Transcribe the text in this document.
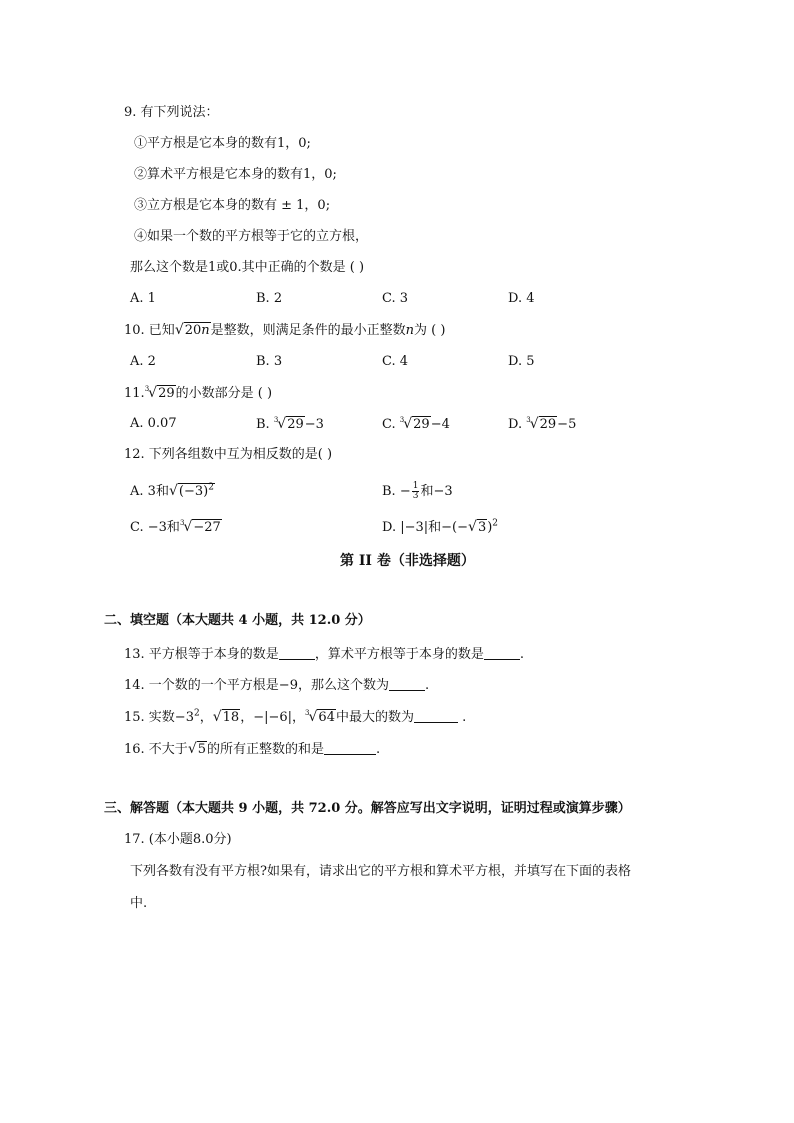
9. 有下列说法：
①平方根是它本身的数有1，0;
②算术平方根是它本身的数有1，0;
③立方根是它本身的数有 ± 1，0;
④如果一个数的平方根等于它的立方根，
那么这个数是1或0.其中正确的个数是 ( )
A. 1	B. 2	C. 3	D. 4
10. 已知√20n是整数，则满足条件的最小正整数n为 ( )
A. 2	B. 3	C. 4	D. 5
11.$^3$√29的小数部分是 ( )
A. 0.07	B. $^3$√29−3	C. $^3$√29−4	D. $^3$√29−5
12. 下列各组数中互为相反数的是( )
A. 3和$√(-3)^2$	B. − $\frac{1}{3}$ 和−3
C. −3和$^3$√−27	D. |−3|和$-(-√3)^2$
第 II 卷（非选择题）
二、填空题（本大题共 4 小题，共 12.0 分）
13. 平方根等于本身的数是	，算术平方根等于本身的数是	.
14. 一个数的一个平方根是−9，那么这个数为	.
15. 实数$-3^2$，√18，−|−6|，$^3$√64中最大的数为	.
16. 不大于√5的所有正整数的和是	.
三、解答题（本大题共 9 小题，共 72.0 分。解答应写出文字说明，证明过程或演算步骤）
17. (本小题8.0分)
下列各数有没有平方根?如果有，请求出它的平方根和算术平方根，并填写在下面的表格
中.
